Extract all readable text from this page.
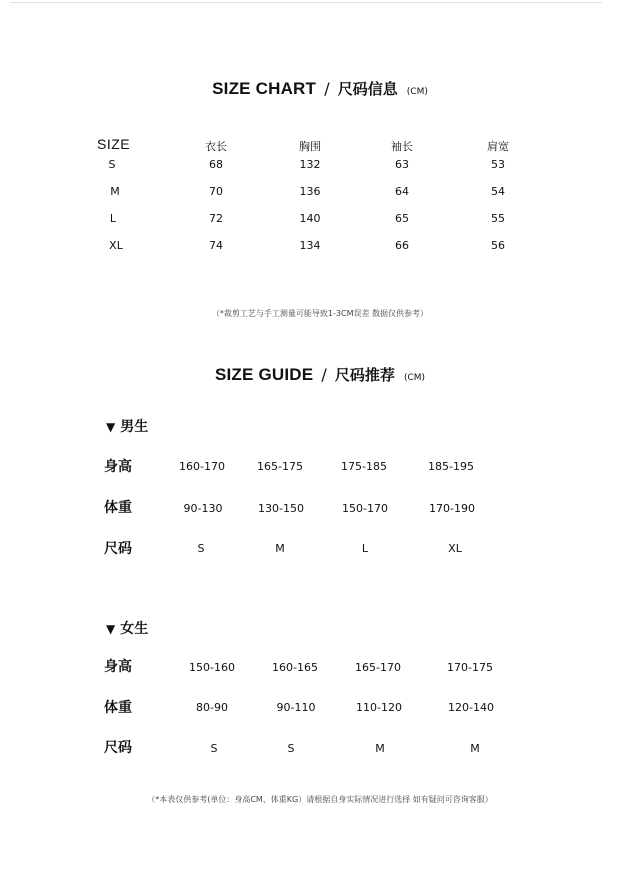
SIZE CHART / 尺码信息 (CM)
SIZE	衣长	胸围	袖长	肩宽
S	68	132	63	53
M	70	136	64	54
L	72	140	65	55
XL	74	134	66	56
（*裁剪工艺与手工测量可能导致1-3CM误差 数据仅供参考）
SIZE GUIDE / 尺码推荐 (CM)
▼ 男生
身高	160-170	165-175	175-185	185-195
体重	90-130	130-150	150-170	170-190
尺码	S	M	L	XL
▼ 女生
身高	150-160	160-165	165-170	170-175
体重	80-90	90-110	110-120	120-140
尺码	S	S	M	M
（*本表仅供参考(单位：身高CM、体重KG）请根据自身实际情况进行选择 如有疑问可咨询客服）
